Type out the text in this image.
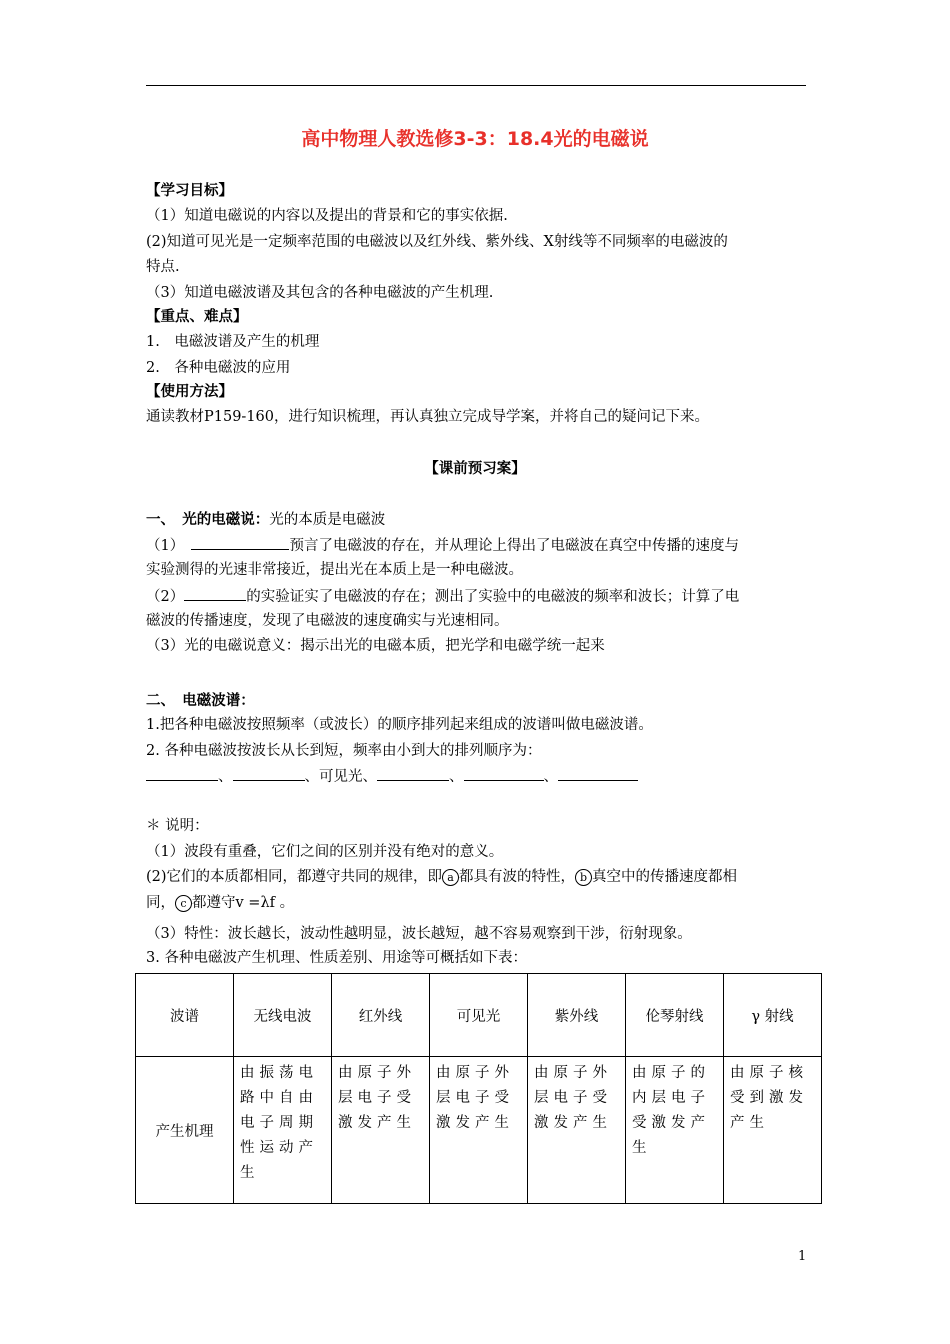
高中物理人教选修3-3：18.4光的电磁说
【学习目标】
（1）知道电磁说的内容以及提出的背景和它的事实依据.
(2)知道可见光是一定频率范围的电磁波以及红外线、紫外线、X射线等不同频率的电磁波的
特点.
（3）知道电磁波谱及其包含的各种电磁波的产生机理.
【重点、难点】
1.　电磁波谱及产生的机理
2.　各种电磁波的应用
【使用方法】
通读教材P159-160，进行知识梳理，再认真独立完成导学案，并将自己的疑问记下来。
【课前预习案】
一、　光的电磁说：光的本质是电磁波
（1）　	预言了电磁波的存在，并从理论上得出了电磁波在真空中传播的速度与
实验测得的光速非常接近，提出光在本质上是一种电磁波。
（2）	的实验证实了电磁波的存在；测出了实验中的电磁波的频率和波长；计算了电
磁波的传播速度，发现了电磁波的速度确实与光速相同。
（3）光的电磁说意义：揭示出光的电磁本质，把光学和电磁学统一起来
二、　电磁波谱：
1.把各种电磁波按照频率（或波长）的顺序排列起来组成的波谱叫做电磁波谱。
2. 各种电磁波按波长从长到短，频率由小到大的排列顺序为：
、	、可见光、	、	、
＊ 说明：
（1）波段有重叠，它们之间的区别并没有绝对的意义。
(2)它们的本质都相同，都遵守共同的规律，即 a 都具有波的特性， b 真空中的传播速度都相
同， c 都遵守v =λf 。
（3）特性：波长越长，波动性越明显，波长越短，越不容易观察到干涉，衍射现象。
3. 各种电磁波产生机理、性质差别、用途等可概括如下表：
波谱	无线电波	红外线	可见光	紫外线	伦琴射线	γ 射线
产生机理	由振荡电路中自由电子周期性运动产生	由原子外层电子受激发产生	由原子外层电子受激发产生	由原子外层电子受激发产生	由原子的内层电子受激发产生	由原子核受到激发产生
1
